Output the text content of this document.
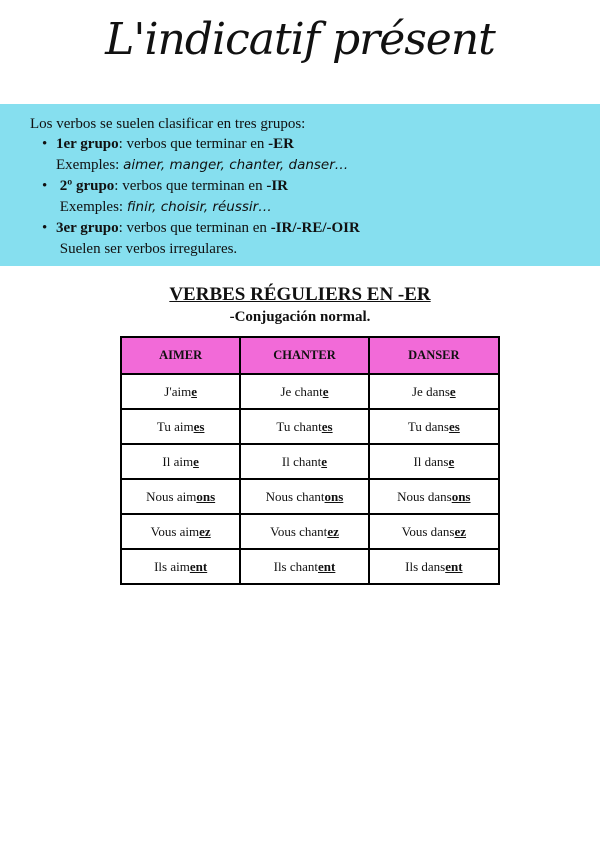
L'indicatif présent
Los verbos se suelen clasificar en tres grupos:
• 1er grupo: verbos que terminar en -ER
Exemples: aimer, manger, chanter, danser…
• 2º grupo: verbos que terminan en -IR
Exemples: finir, choisir, réussir…
• 3er grupo: verbos que terminan en -IR/-RE/-OIR
Suelen ser verbos irregulares.
VERBES RÉGULIERS EN -ER
-Conjugación normal.
AIMER	CHANTER	DANSER
J'aime	Je chante	Je danse
Tu aimes	Tu chantes	Tu danses
Il aime	Il chante	Il danse
Nous aimons	Nous chantons	Nous dansons
Vous aimez	Vous chantez	Vous dansez
Ils aiment	Ils chantent	Ils dansent
